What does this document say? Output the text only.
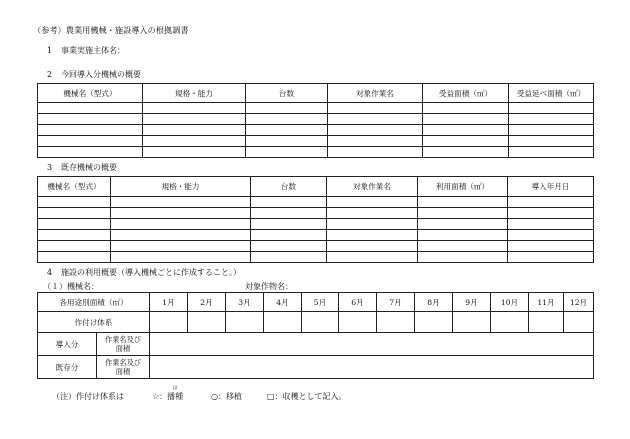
（参考）農業用機械・施設導入の根拠調書
1 事業実施主体名：
2 今回導入分機械の概要
機械名（型式）	規格・能力	台数	対象作業名	受益面積（㎡）	受益延べ面積（㎡）

3 既存機械の概要
機械名（型式）	規格・能力	台数	対象作業名	利用面積（㎡）	導入年月日

4 施設の利用概要（導入機械ごとに作成すること。）
（１）機械名：	対象作物名：
各用途別面積（㎡）		1月	2月	3月	4月	5月	6月	7月	8月	9月	10月	11月	12月
作付け体系													
導入分	作業名及び
面積												

既存分	作業名及び
面積												

（注）作付け体系は	☆：
は
播種	○：移植	□：収穫として記入。
